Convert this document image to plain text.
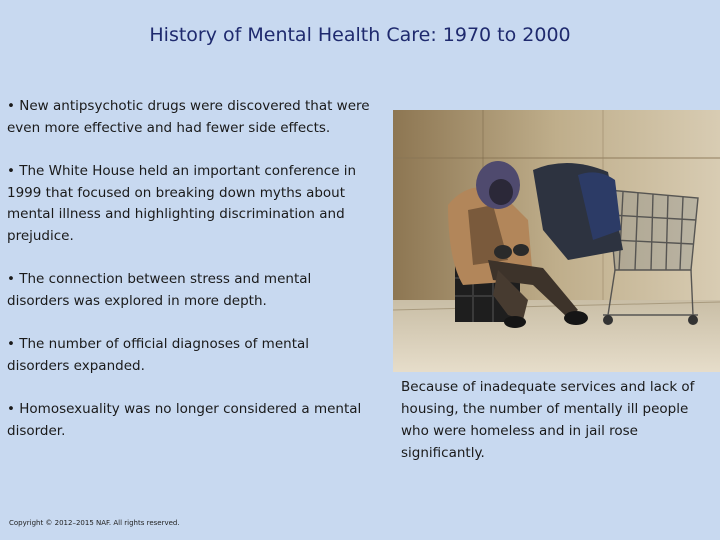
History of Mental Health Care: 1970 to 2000

• New antipsychotic drugs were discovered that were even more effective and had fewer side effects.

• The White House held an important conference in 1999 that focused on breaking down myths about mental illness and highlighting discrimination and prejudice.

• The connection between stress and mental disorders was explored in more depth.

• The number of official diagnoses of mental disorders expanded.

• Homosexuality was no longer considered a mental disorder.

Because of inadequate services and lack of housing, the number of mentally ill people who were homeless and in jail rose significantly.
Copyright © 2012–2015 NAF. All rights reserved.
